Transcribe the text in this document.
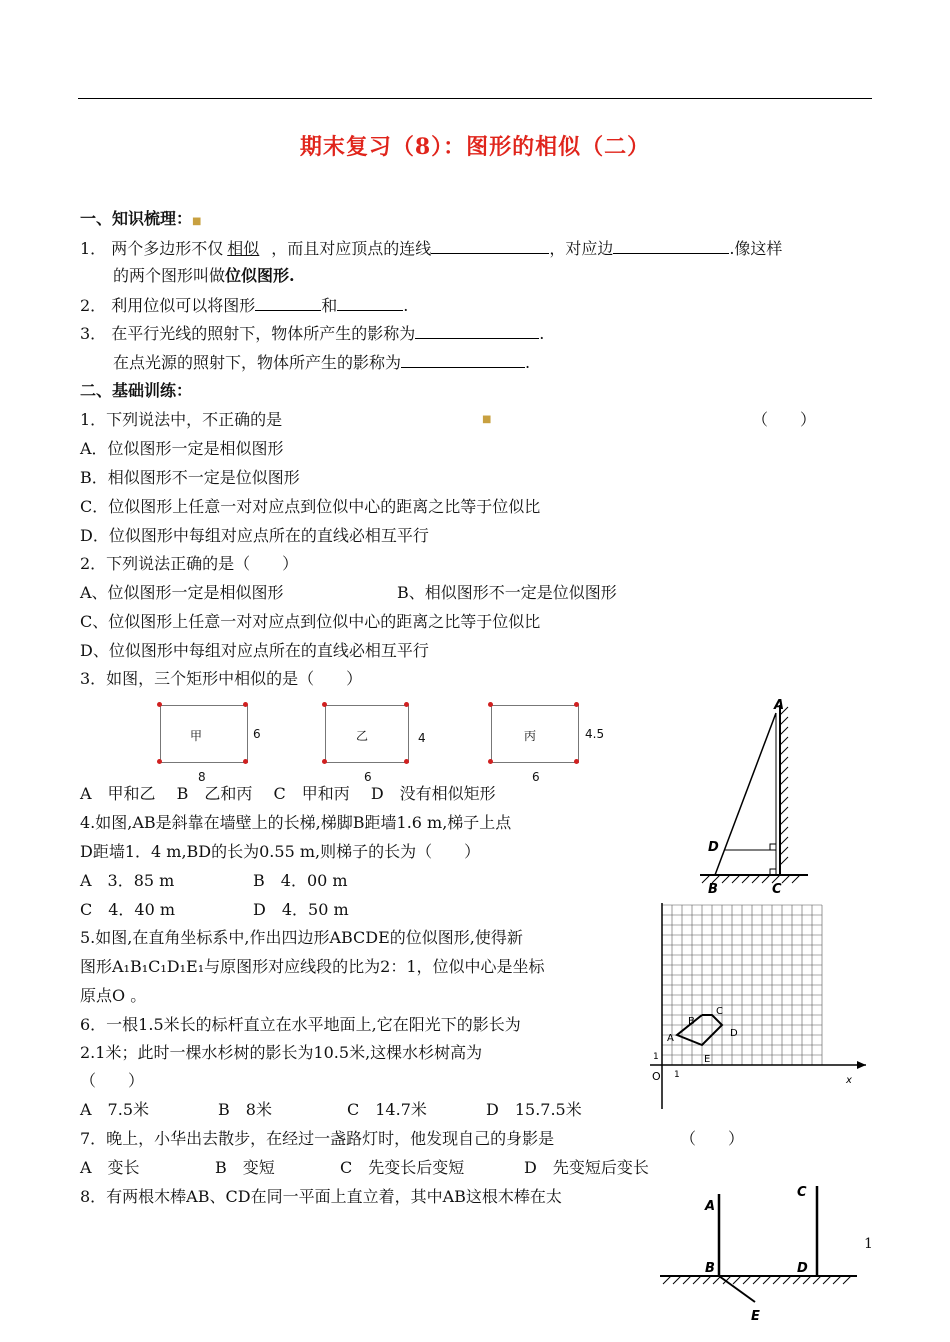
期末复习（8）：图形的相似（二）
一、知识梳理：■
1． 两个多边形不仅 相似 ，而且对应顶点的连线	，对应边	.像这样
的两个图形叫做位似图形.
2． 利用位似可以将图形	和	.
3． 在平行光线的照射下，物体所产生的影称为	.
在点光源的照射下，物体所产生的影称为	.
二、基础训练：
1．下列说法中，不正确的是	■	（　　）
A．位似图形一定是相似图形
B．相似图形不一定是位似图形
C．位似图形上任意一对对应点到位似中心的距离之比等于位似比
D．位似图形中每组对应点所在的直线必相互平行
2．下列说法正确的是（　　）
A、位似图形一定是相似图形	B、相似图形不一定是位似图形
C、位似图形上任意一对对应点到位似中心的距离之比等于位似比
D、位似图形中每组对应点所在的直线必相互平行
3．如图，三个矩形中相似的是（　　）
甲	6
8
乙	4
6
丙	4.5
6
A　甲和乙　 B　乙和丙　 C　甲和丙　 D　没有相似矩形
4.如图,AB是斜靠在墙壁上的长梯,梯脚B距墙1.6 m,梯子上点
D距墙1．4 m,BD的长为0.55 m,则梯子的长为（　　）
A　3．85 m	B　4．00 m
C　4．40 m	D　4．50 m
5.如图,在直角坐标系中,作出四边形ABCDE的位似图形,使得新
图形A₁B₁C₁D₁E₁与原图形对应线段的比为2：1，位似中心是坐标
原点O 。
6．一根1.5米长的标杆直立在水平地面上,它在阳光下的影长为
2.1米；此时一棵水杉树的影长为10.5米,这棵水杉树高为
（　　）
A　7.5米	B　8米	C　14.7米	D　15.7.5米
7．晚上，小华出去散步，在经过一盏路灯时，他发现自己的身影是	（　　）
A　变长	B　变短	C　先变长后变短	D　先变短后变长
8．有两根木棒AB、CD在同一平面上直立着，其中AB这根木棒在太
A
B	C
D
A
B
C
D
E
O 1
1
x
A
B
C
D
E
1
